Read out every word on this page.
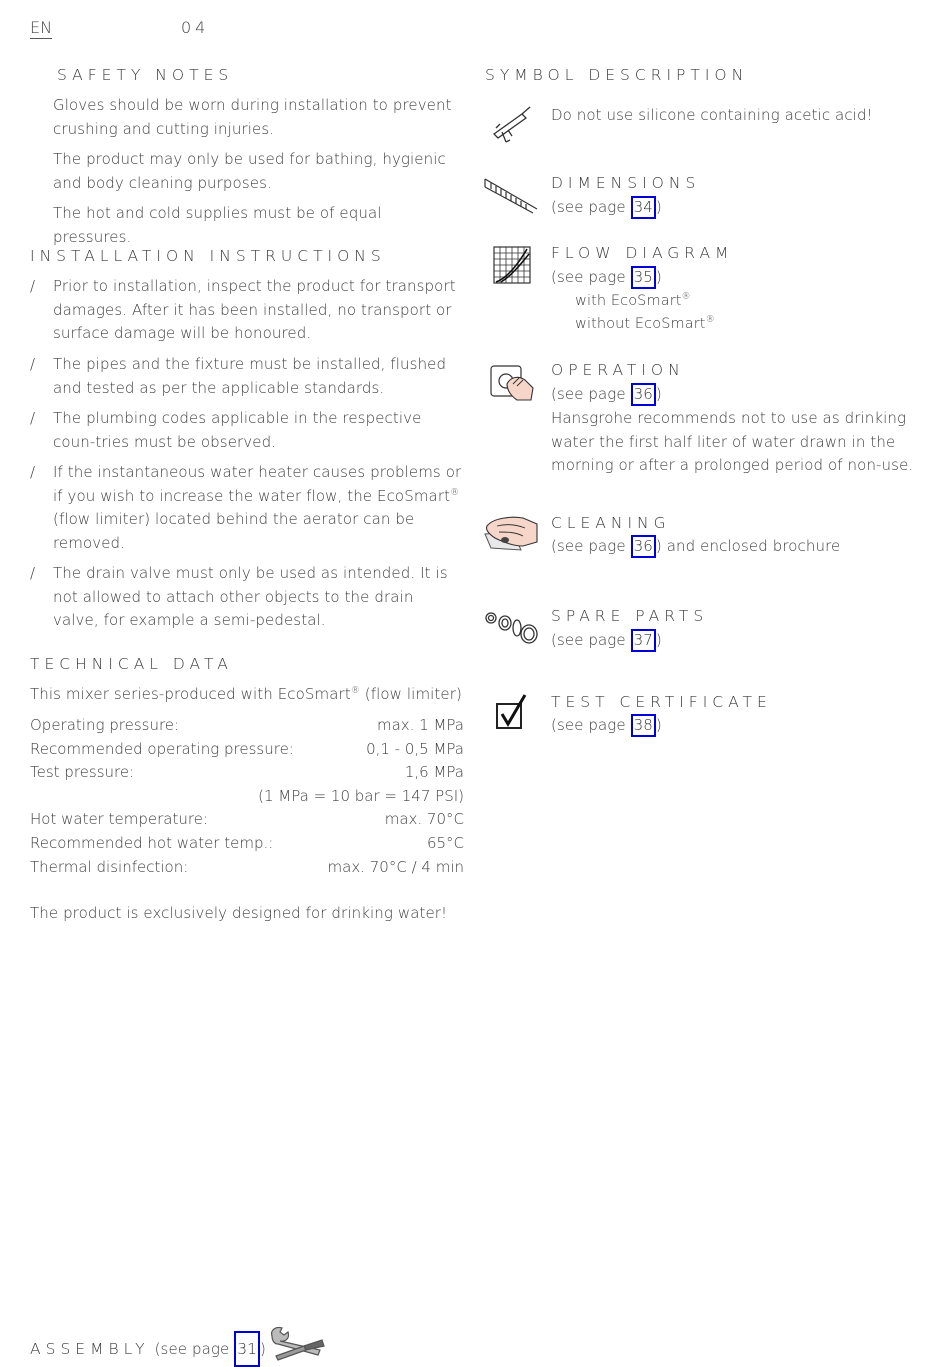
EN	04
SAFETY NOTES
Gloves should be worn during installation to prevent crushing and cutting injuries.
The product may only be used for bathing, hygienic and body cleaning purposes.
The hot and cold supplies must be of equal pressures.
INSTALLATION INSTRUCTIONS
/ Prior to installation, inspect the product for transport damages. After it has been installed, no transport or surface damage will be honoured.
/ The pipes and the fixture must be installed, flushed and tested as per the applicable standards.
/ The plumbing codes applicable in the respective coun-tries must be observed.
/ If the instantaneous water heater causes problems or if you wish to increase the water flow, the EcoSmart® (flow limiter) located behind the aerator can be removed.
/ The drain valve must only be used as intended. It is not allowed to attach other objects to the drain valve, for example a semi-pedestal.
TECHNICAL DATA
This mixer series-produced with EcoSmart® (flow limiter)
Operating pressure:	max. 1 MPa
Recommended operating pressure:	0,1 - 0,5 MPa
Test pressure:	1,6 MPa
(1 MPa = 10 bar = 147 PSI)
Hot water temperature:	max. 70°C
Recommended hot water temp.:	65°C
Thermal disinfection:	max. 70°C / 4 min
The product is exclusively designed for drinking water!
SYMBOL DESCRIPTION
Do not use silicone containing acetic acid!
DIMENSIONS
(see page 34 )
FLOW DIAGRAM
(see page 35 )
with EcoSmart®
without EcoSmart®
OPERATION
(see page 36 )
Hansgrohe recommends not to use as drinking water the first half liter of water drawn in the morning or after a prolonged period of non-use.
CLEANING
(see page 36 ) and enclosed brochure
SPARE PARTS
(see page 37 )
TEST CERTIFICATE
(see page 38 )
ASSEMBLY (see page 31 )
